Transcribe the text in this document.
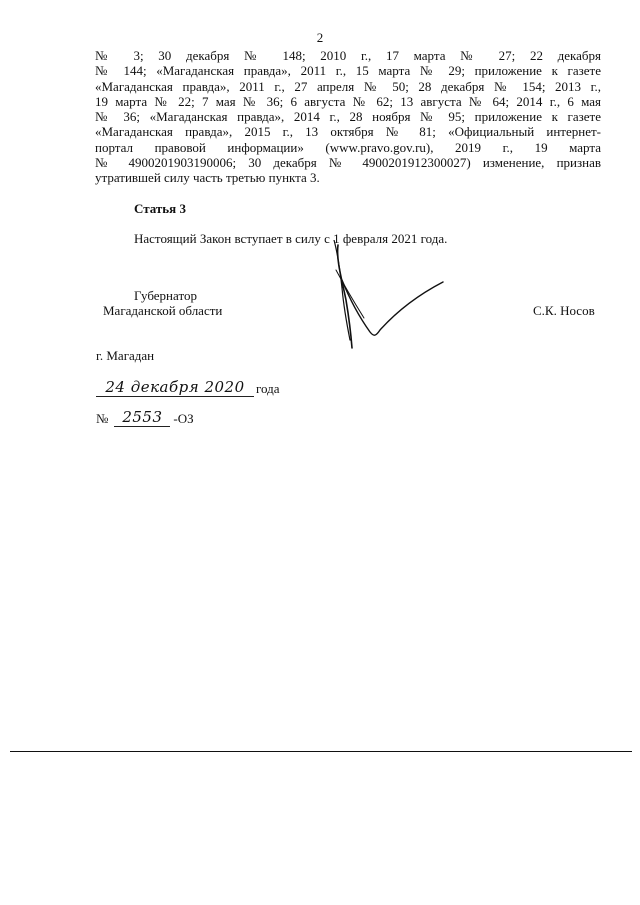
2
№ 3; 30 декабря № 148; 2010 г., 17 марта № 27; 22 декабря
№ 144; «Магаданская правда», 2011 г., 15 марта № 29; приложение к газете
«Магаданская правда», 2011 г., 27 апреля № 50; 28 декабря № 154; 2013 г.,
19 марта № 22; 7 мая № 36; 6 августа № 62; 13 августа № 64; 2014 г., 6 мая
№ 36; «Магаданская правда», 2014 г., 28 ноября № 95; приложение к газете
«Магаданская правда», 2015 г., 13 октября № 81; «Официальный интернет-
портал правовой информации» (www.pravo.gov.ru), 2019 г., 19 марта
№ 4900201903190006; 30 декабря № 4900201912300027) изменение, признав
утратившей силу часть третью пункта 3.
Статья 3
Настоящий Закон вступает в силу с 1 февраля 2021 года.
Губернатор
Магаданской области	С.К. Носов
г. Магадан
24 декабря 2020 года
№ 2553 -ОЗ
